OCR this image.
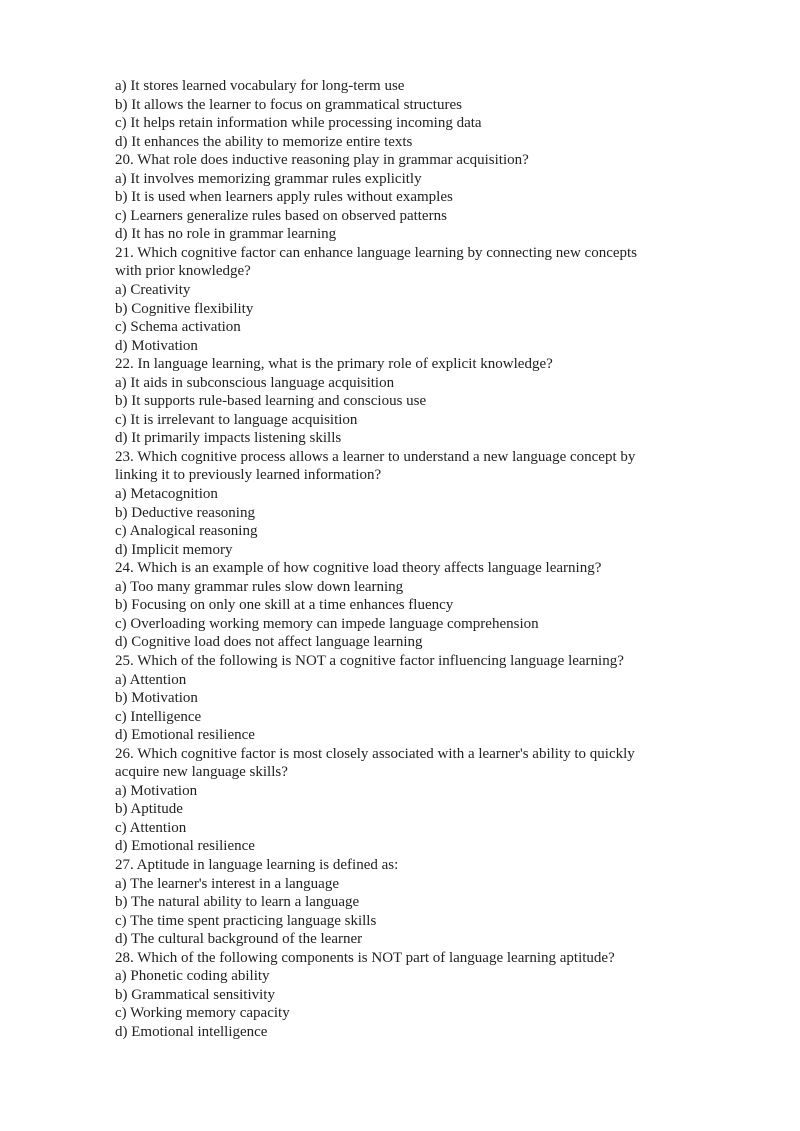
a) It stores learned vocabulary for long-term use

b) It allows the learner to focus on grammatical structures

c) It helps retain information while processing incoming data

d) It enhances the ability to memorize entire texts

20. What role does inductive reasoning play in grammar acquisition?

a) It involves memorizing grammar rules explicitly

b) It is used when learners apply rules without examples

c) Learners generalize rules based on observed patterns

d) It has no role in grammar learning

21. Which cognitive factor can enhance language learning by connecting new concepts

with prior knowledge?

a) Creativity

b) Cognitive flexibility

c) Schema activation

d) Motivation

22. In language learning, what is the primary role of explicit knowledge?

a) It aids in subconscious language acquisition

b) It supports rule-based learning and conscious use

c) It is irrelevant to language acquisition

d) It primarily impacts listening skills

23. Which cognitive process allows a learner to understand a new language concept by

linking it to previously learned information?

a) Metacognition

b) Deductive reasoning

c) Analogical reasoning

d) Implicit memory

24. Which is an example of how cognitive load theory affects language learning?

a) Too many grammar rules slow down learning

b) Focusing on only one skill at a time enhances fluency

c) Overloading working memory can impede language comprehension

d) Cognitive load does not affect language learning

25. Which of the following is NOT a cognitive factor influencing language learning?

a) Attention

b) Motivation

c) Intelligence

d) Emotional resilience

26. Which cognitive factor is most closely associated with a learner's ability to quickly

acquire new language skills?

a) Motivation

b) Aptitude

c) Attention

d) Emotional resilience

27. Aptitude in language learning is defined as:

a) The learner's interest in a language

b) The natural ability to learn a language

c) The time spent practicing language skills

d) The cultural background of the learner

28. Which of the following components is NOT part of language learning aptitude?

a) Phonetic coding ability

b) Grammatical sensitivity

c) Working memory capacity

d) Emotional intelligence
